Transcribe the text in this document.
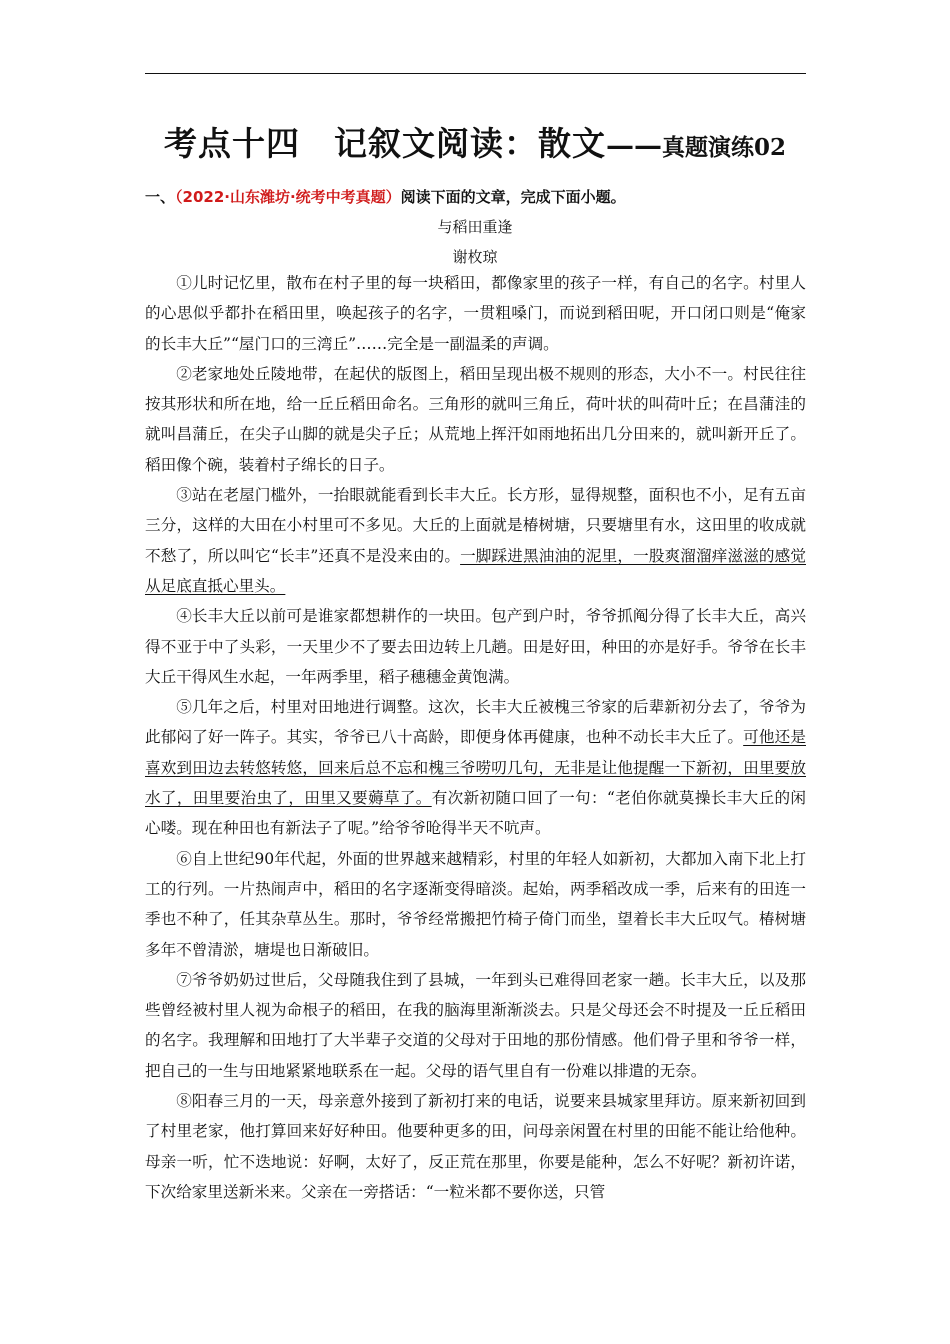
考点十四　记叙文阅读：散文——真题演练02
一、（2022·山东潍坊·统考中考真题）阅读下面的文章，完成下面小题。
与稻田重逢
谢枚琼

①儿时记忆里，散布在村子里的每一块稻田，都像家里的孩子一样，有自己的名字。村里人的心思似乎都扑在稻田里，唤起孩子的名字，一贯粗嗓门，而说到稻田呢，开口闭口则是“俺家的长丰大丘”“屋门口的三湾丘”……完全是一副温柔的声调。

②老家地处丘陵地带，在起伏的版图上，稻田呈现出极不规则的形态，大小不一。村民往往按其形状和所在地，给一丘丘稻田命名。三角形的就叫三角丘，荷叶状的叫荷叶丘；在昌蒲洼的就叫昌蒲丘，在尖子山脚的就是尖子丘；从荒地上挥汗如雨地拓出几分田来的，就叫新开丘了。稻田像个碗，装着村子绵长的日子。

③站在老屋门槛外，一抬眼就能看到长丰大丘。长方形，显得规整，面积也不小，足有五亩三分，这样的大田在小村里可不多见。大丘的上面就是椿树塘，只要塘里有水，这田里的收成就不愁了，所以叫它“长丰”还真不是没来由的。一脚踩进黑油油的泥里，一股爽溜溜痒滋滋的感觉从足底直抵心里头。

④长丰大丘以前可是谁家都想耕作的一块田。包产到户时，爷爷抓阄分得了长丰大丘，高兴得不亚于中了头彩，一天里少不了要去田边转上几趟。田是好田，种田的亦是好手。爷爷在长丰大丘干得风生水起，一年两季里，稻子穗穗金黄饱满。

⑤几年之后，村里对田地进行调整。这次，长丰大丘被槐三爷家的后辈新初分去了，爷爷为此郁闷了好一阵子。其实，爷爷已八十高龄，即便身体再健康，也种不动长丰大丘了。可他还是喜欢到田边去转悠转悠，回来后总不忘和槐三爷唠叨几句，无非是让他提醒一下新初，田里要放水了，田里要治虫了，田里又要薅草了。有次新初随口回了一句：“老伯你就莫操长丰大丘的闲心喽。现在种田也有新法子了呢。”给爷爷呛得半天不吭声。

⑥自上世纪90年代起，外面的世界越来越精彩，村里的年轻人如新初，大都加入南下北上打工的行列。一片热闹声中，稻田的名字逐渐变得暗淡。起始，两季稻改成一季，后来有的田连一季也不种了，任其杂草丛生。那时，爷爷经常搬把竹椅子倚门而坐，望着长丰大丘叹气。椿树塘多年不曾清淤，塘堤也日渐破旧。

⑦爷爷奶奶过世后，父母随我住到了县城，一年到头已难得回老家一趟。长丰大丘，以及那些曾经被村里人视为命根子的稻田，在我的脑海里渐渐淡去。只是父母还会不时提及一丘丘稻田的名字。我理解和田地打了大半辈子交道的父母对于田地的那份情感。他们骨子里和爷爷一样，把自己的一生与田地紧紧地联系在一起。父母的语气里自有一份难以排遣的无奈。

⑧阳春三月的一天，母亲意外接到了新初打来的电话，说要来县城家里拜访。原来新初回到了村里老家，他打算回来好好种田。他要种更多的田，问母亲闲置在村里的田能不能让给他种。母亲一听，忙不迭地说：好啊，太好了，反正荒在那里，你要是能种，怎么不好呢？新初许诺，下次给家里送新米来。父亲在一旁搭话：“一粒米都不要你送，只管
